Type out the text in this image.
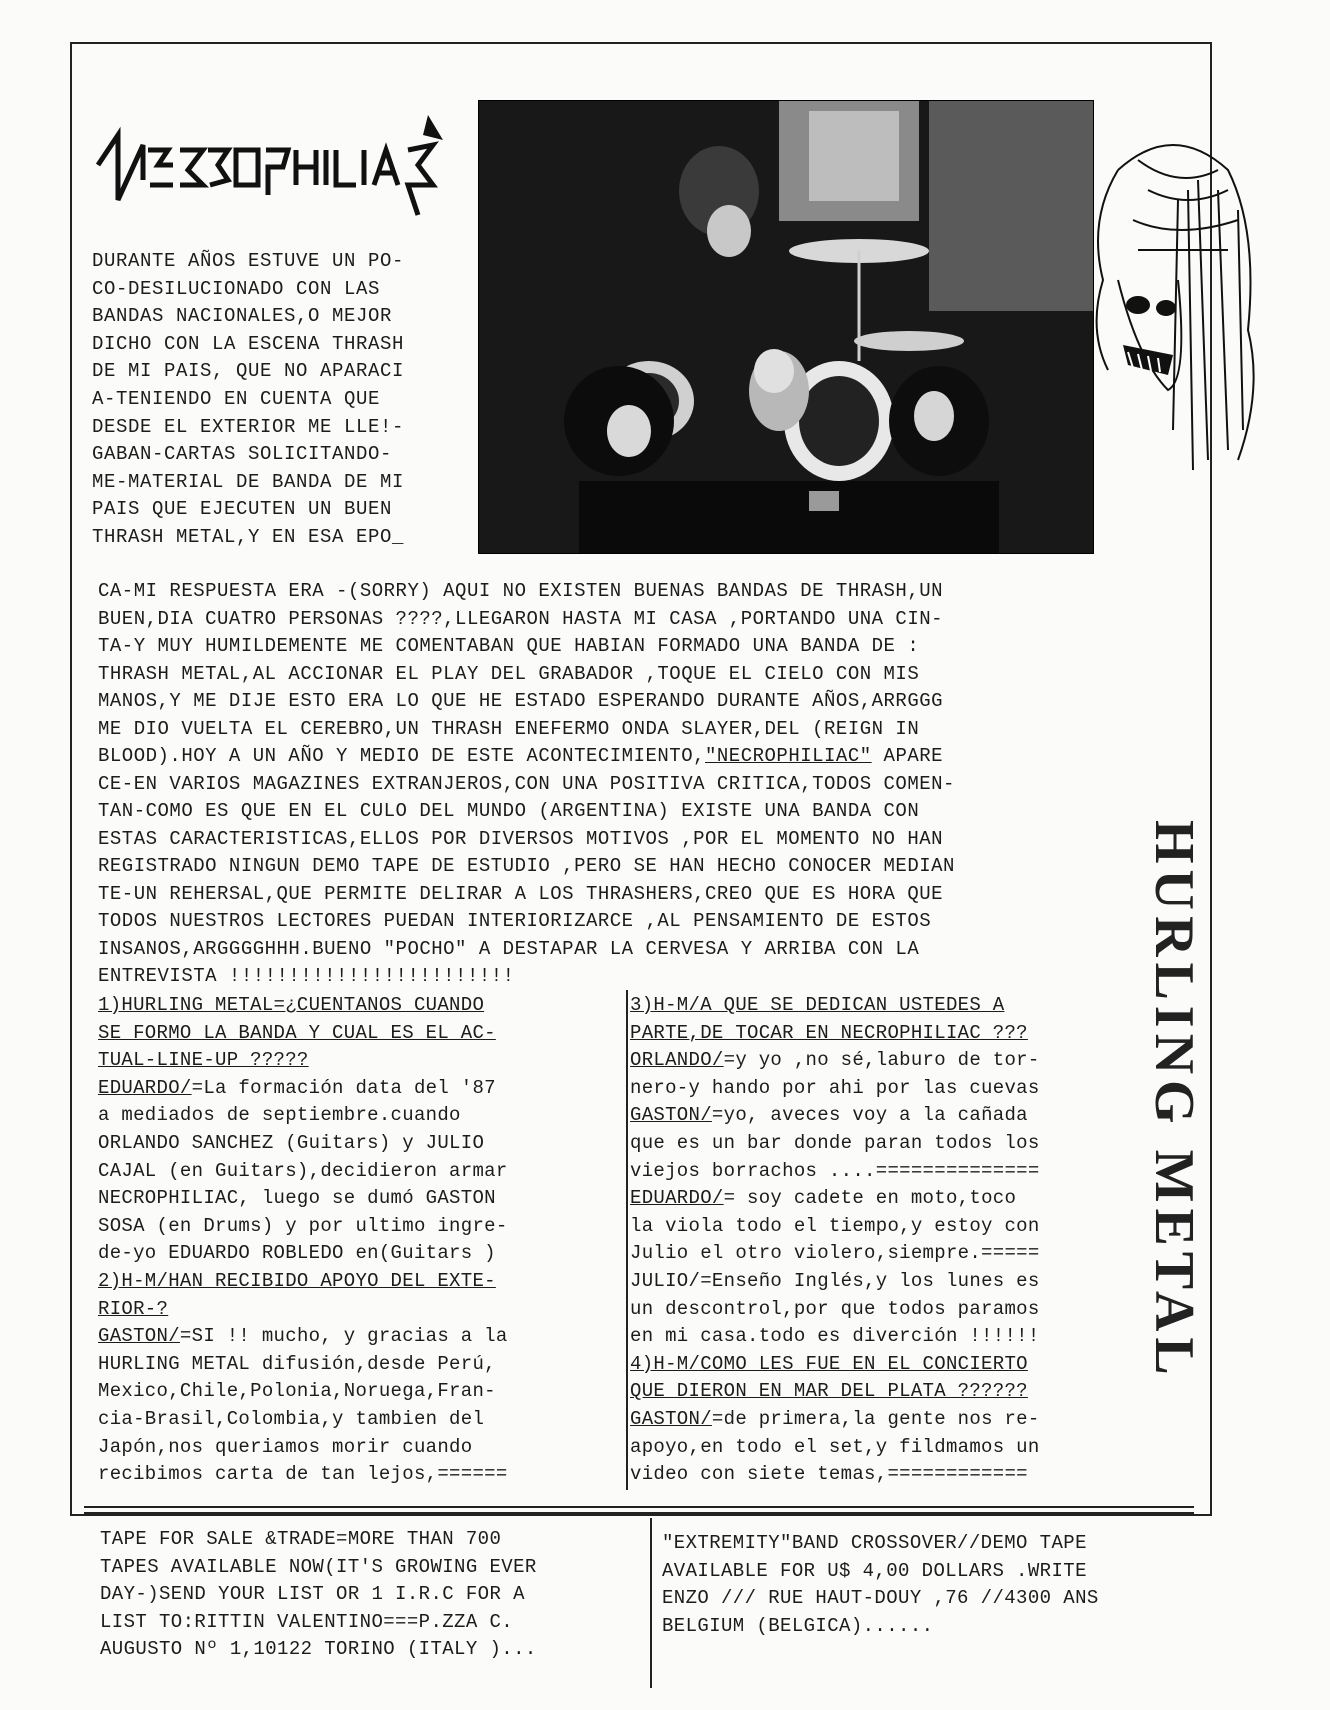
DURANTE AÑOS ESTUVE UN PO-
CO-DESILUCIONADO CON LAS
BANDAS NACIONALES,O MEJOR
DICHO CON LA ESCENA THRASH
DE MI PAIS, QUE NO APARACI
A-TENIENDO EN CUENTA QUE
DESDE EL EXTERIOR ME LLE!-
GABAN-CARTAS SOLICITANDO-
ME-MATERIAL DE BANDA DE MI
PAIS QUE EJECUTEN UN BUEN
THRASH METAL,Y EN ESA EPO_
CA-MI RESPUESTA ERA -(SORRY) AQUI NO EXISTEN BUENAS BANDAS DE THRASH,UN
BUEN,DIA CUATRO PERSONAS ????,LLEGARON HASTA MI CASA ,PORTANDO UNA CIN-
TA-Y MUY HUMILDEMENTE ME COMENTABAN QUE HABIAN FORMADO UNA BANDA DE :
THRASH METAL,AL ACCIONAR EL PLAY DEL GRABADOR ,TOQUE EL CIELO CON MIS
MANOS,Y ME DIJE ESTO ERA LO QUE HE ESTADO ESPERANDO DURANTE AÑOS,ARRGGG
ME DIO VUELTA EL CEREBRO,UN THRASH ENEFERMO ONDA SLAYER,DEL (REIGN IN
BLOOD).HOY A UN AÑO Y MEDIO DE ESTE ACONTECIMIENTO,"NECROPHILIAC" APARE
CE-EN VARIOS MAGAZINES EXTRANJEROS,CON UNA POSITIVA CRITICA,TODOS COMEN-
TAN-COMO ES QUE EN EL CULO DEL MUNDO (ARGENTINA) EXISTE UNA BANDA CON
ESTAS CARACTERISTICAS,ELLOS POR DIVERSOS MOTIVOS ,POR EL MOMENTO NO HAN
REGISTRADO NINGUN DEMO TAPE DE ESTUDIO ,PERO SE HAN HECHO CONOCER MEDIAN
TE-UN REHERSAL,QUE PERMITE DELIRAR A LOS THRASHERS,CREO QUE ES HORA QUE
TODOS NUESTROS LECTORES PUEDAN INTERIORIZARCE ,AL PENSAMIENTO DE ESTOS
INSANOS,ARGGGGHHH.BUENO "POCHO" A DESTAPAR LA CERVESA Y ARRIBA CON LA
ENTREVISTA !!!!!!!!!!!!!!!!!!!!!!!!
1)HURLING METAL=¿CUENTANOS CUANDO
SE FORMO LA BANDA Y CUAL ES EL AC-
TUAL-LINE-UP ?????
EDUARDO/=La formación data del '87
a mediados de septiembre.cuando
ORLANDO SANCHEZ (Guitars) y JULIO
CAJAL (en Guitars),decidieron armar
NECROPHILIAC, luego se dumó GASTON
SOSA (en Drums) y por ultimo ingre-
de-yo EDUARDO ROBLEDO en(Guitars )
2)H-M/HAN RECIBIDO APOYO DEL EXTE-
RIOR-?
GASTON/=SI !! mucho, y gracias a la
HURLING METAL difusión,desde Perú,
Mexico,Chile,Polonia,Noruega,Fran-
cia-Brasil,Colombia,y tambien del
Japón,nos queriamos morir cuando
recibimos carta de tan lejos,======
3)H-M/A QUE SE DEDICAN USTEDES A
PARTE,DE TOCAR EN NECROPHILIAC ???
ORLANDO/=y yo ,no sé,laburo de tor-
nero-y hando por ahi por las cuevas
GASTON/=yo, aveces voy a la cañada
que es un bar donde paran todos los
viejos borrachos ....==============
EDUARDO/= soy cadete en moto,toco
la viola todo el tiempo,y estoy con
Julio el otro violero,siempre.=====
JULIO/=Enseño Inglés,y los lunes es
un descontrol,por que todos paramos
en mi casa.todo es diverción !!!!!!
4)H-M/COMO LES FUE EN EL CONCIERTO
QUE DIERON EN MAR DEL PLATA ??????
GASTON/=de primera,la gente nos re-
apoyo,en todo el set,y fildmamos un
video con siete temas,============
HURLING METAL
TAPE FOR SALE &TRADE=MORE THAN 700
TAPES AVAILABLE NOW(IT'S GROWING EVER
DAY-)SEND YOUR LIST OR 1 I.R.C FOR A
LIST TO:RITTIN VALENTINO===P.ZZA C.
AUGUSTO Nº 1,10122 TORINO (ITALY )...
"EXTREMITY"BAND CROSSOVER//DEMO TAPE
AVAILABLE FOR U$ 4,00 DOLLARS .WRITE
ENZO /// RUE HAUT-DOUY ,76 //4300 ANS
BELGIUM (BELGICA)......
